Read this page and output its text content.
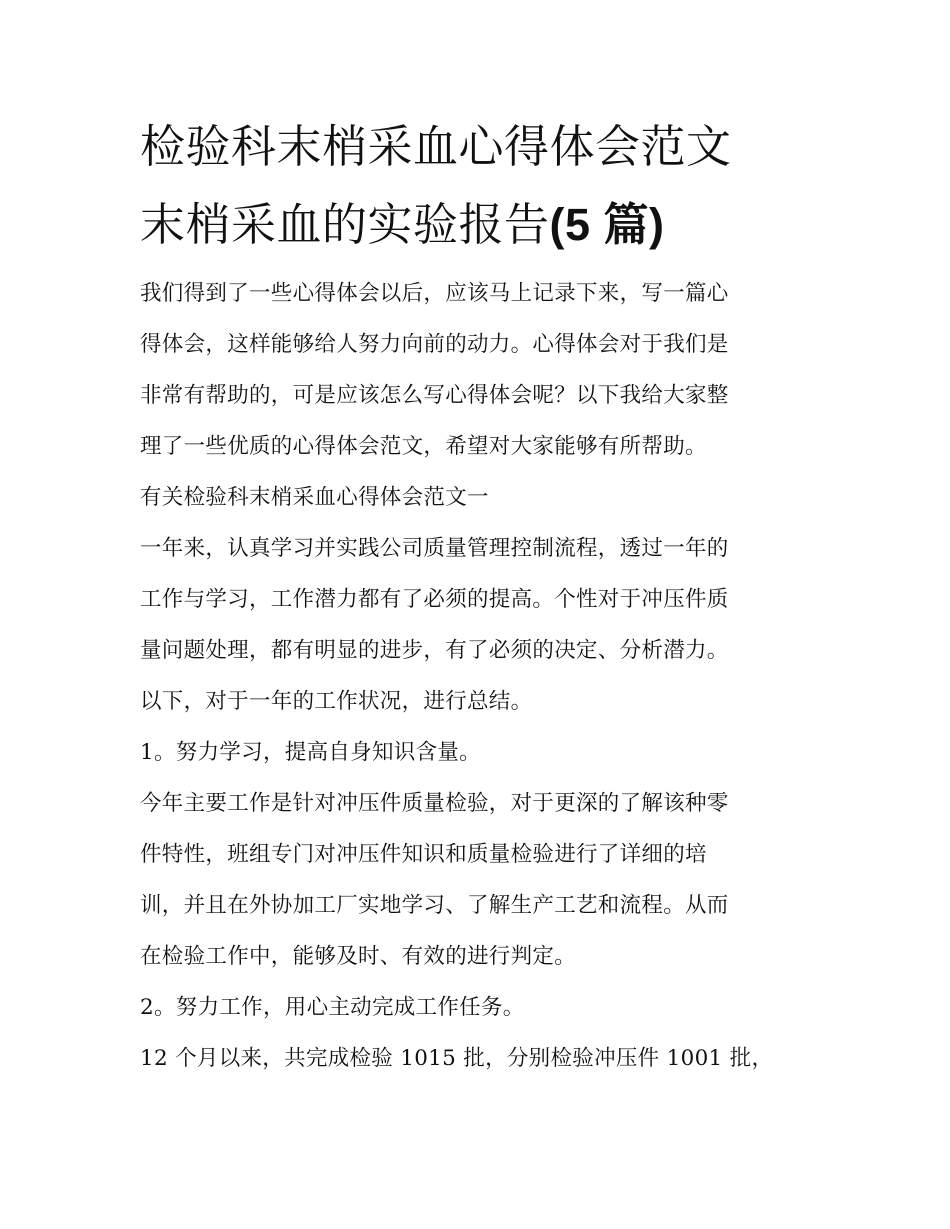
检验科末梢采血心得体会范文
末梢采血的实验报告(5 篇)

我们得到了一些心得体会以后，应该马上记录下来，写一篇心
得体会，这样能够给人努力向前的动力。心得体会对于我们是
非常有帮助的，可是应该怎么写心得体会呢？以下我给大家整
理了一些优质的心得体会范文，希望对大家能够有所帮助。

有关检验科末梢采血心得体会范文一

一年来，认真学习并实践公司质量管理控制流程，透过一年的
工作与学习，工作潜力都有了必须的提高。个性对于冲压件质
量问题处理，都有明显的进步，有了必须的决定、分析潜力。
以下，对于一年的工作状况，进行总结。

1。努力学习，提高自身知识含量。

今年主要工作是针对冲压件质量检验，对于更深的了解该种零
件特性，班组专门对冲压件知识和质量检验进行了详细的培
训，并且在外协加工厂实地学习、了解生产工艺和流程。从而
在检验工作中，能够及时、有效的进行判定。

2。努力工作，用心主动完成工作任务。

12 个月以来，共完成检验 1015 批，分别检验冲压件 1001 批，
